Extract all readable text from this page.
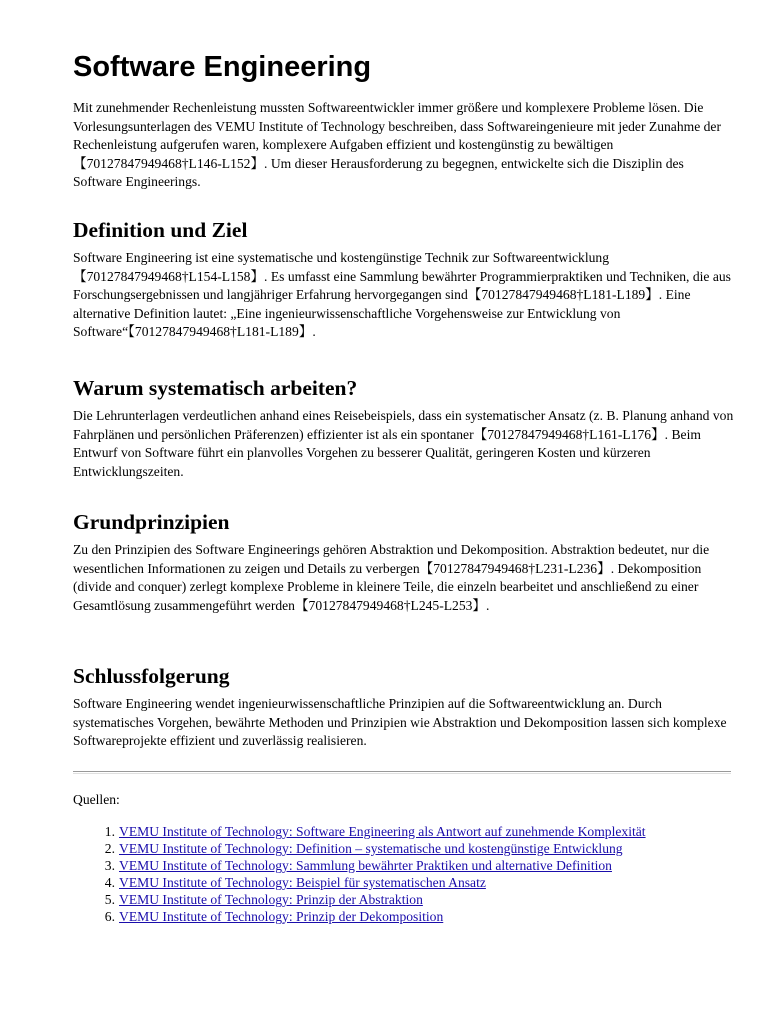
Software Engineering

Mit zunehmender Rechenleistung mussten Softwareentwickler immer größere und komplexere Probleme lösen. Die Vorlesungsunterlagen des VEMU Institute of Technology beschreiben, dass Softwareingenieure mit jeder Zunahme der Rechenleistung aufgerufen waren, komplexere Aufgaben effizient und kostengünstig zu bewältigen【70127847949468†L146-L152】. Um dieser Herausforderung zu begegnen, entwickelte sich die Disziplin des Software Engineerings.

Definition und Ziel

Software Engineering ist eine systematische und kostengünstige Technik zur Softwareentwicklung【70127847949468†L154-L158】. Es umfasst eine Sammlung bewährter Programmierpraktiken und Techniken, die aus Forschungsergebnissen und langjähriger Erfahrung hervorgegangen sind【70127847949468†L181-L189】. Eine alternative Definition lautet: „Eine ingenieurwissenschaftliche Vorgehensweise zur Entwicklung von Software“【70127847949468†L181-L189】.

Warum systematisch arbeiten?

Die Lehrunterlagen verdeutlichen anhand eines Reisebeispiels, dass ein systematischer Ansatz (z. B. Planung anhand von Fahrplänen und persönlichen Präferenzen) effizienter ist als ein spontaner【70127847949468†L161-L176】. Beim Entwurf von Software führt ein planvolles Vorgehen zu besserer Qualität, geringeren Kosten und kürzeren Entwicklungszeiten.

Grundprinzipien

Zu den Prinzipien des Software Engineerings gehören Abstraktion und Dekomposition. Abstraktion bedeutet, nur die wesentlichen Informationen zu zeigen und Details zu verbergen【70127847949468†L231-L236】. Dekomposition (divide and conquer) zerlegt komplexe Probleme in kleinere Teile, die einzeln bearbeitet und anschließend zu einer Gesamtlösung zusammengeführt werden【70127847949468†L245-L253】.

Schlussfolgerung

Software Engineering wendet ingenieurwissenschaftliche Prinzipien auf die Softwareentwicklung an. Durch systematisches Vorgehen, bewährte Methoden und Prinzipien wie Abstraktion und Dekomposition lassen sich komplexe Softwareprojekte effizient und zuverlässig realisieren.

Quellen:
1. VEMU Institute of Technology: Software Engineering als Antwort auf zunehmende Komplexität
2. VEMU Institute of Technology: Definition – systematische und kostengünstige Entwicklung
3. VEMU Institute of Technology: Sammlung bewährter Praktiken und alternative Definition
4. VEMU Institute of Technology: Beispiel für systematischen Ansatz
5. VEMU Institute of Technology: Prinzip der Abstraktion
6. VEMU Institute of Technology: Prinzip der Dekomposition
